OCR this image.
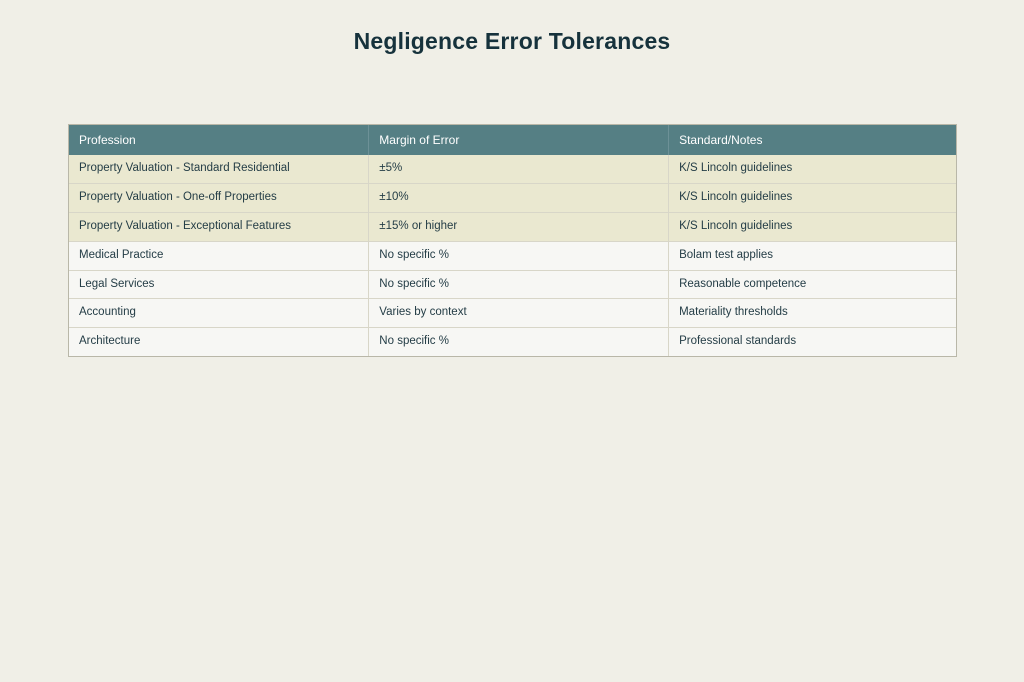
Negligence Error Tolerances
Profession	Margin of Error	Standard/Notes
Property Valuation - Standard Residential	±5%	K/S Lincoln guidelines
Property Valuation - One-off Properties	±10%	K/S Lincoln guidelines
Property Valuation - Exceptional Features	±15% or higher	K/S Lincoln guidelines
Medical Practice	No specific %	Bolam test applies
Legal Services	No specific %	Reasonable competence
Accounting	Varies by context	Materiality thresholds
Architecture	No specific %	Professional standards
